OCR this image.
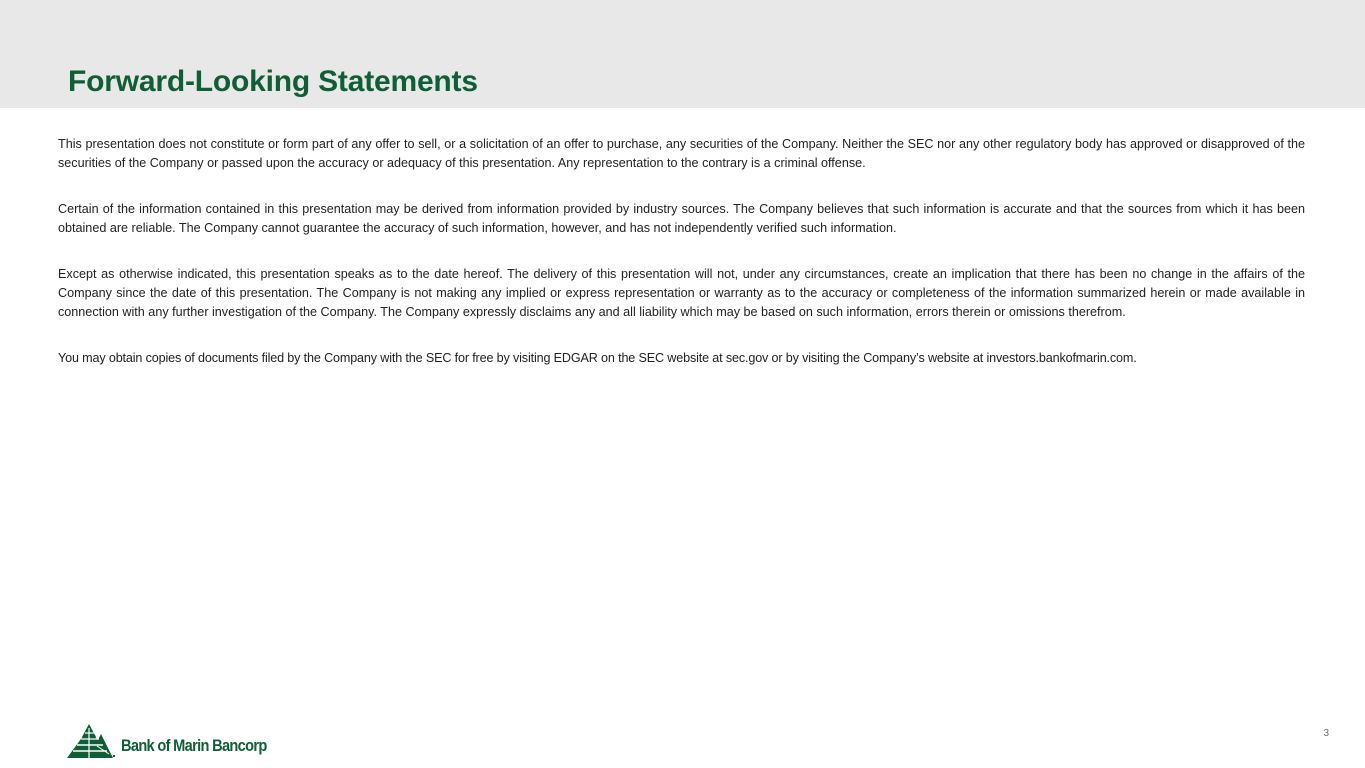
Forward-Looking Statements

This presentation does not constitute or form part of any offer to sell, or a solicitation of an offer to purchase, any securities of the Company. Neither the SEC nor any other regulatory body has approved or disapproved of the securities of the Company or passed upon the accuracy or adequacy of this presentation. Any representation to the contrary is a criminal offense.

Certain of the information contained in this presentation may be derived from information provided by industry sources. The Company believes that such information is accurate and that the sources from which it has been obtained are reliable. The Company cannot guarantee the accuracy of such information, however, and has not independently verified such information.

Except as otherwise indicated, this presentation speaks as to the date hereof. The delivery of this presentation will not, under any circumstances, create an implication that there has been no change in the affairs of the Company since the date of this presentation. The Company is not making any implied or express representation or warranty as to the accuracy or completeness of the information summarized herein or made available in connection with any further investigation of the Company. The Company expressly disclaims any and all liability which may be based on such information, errors therein or omissions therefrom.

You may obtain copies of documents filed by the Company with the SEC for free by visiting EDGAR on the SEC website at sec.gov or by visiting the Company’s website at investors.bankofmarin.com.

Bank of Marin Bancorp
3
